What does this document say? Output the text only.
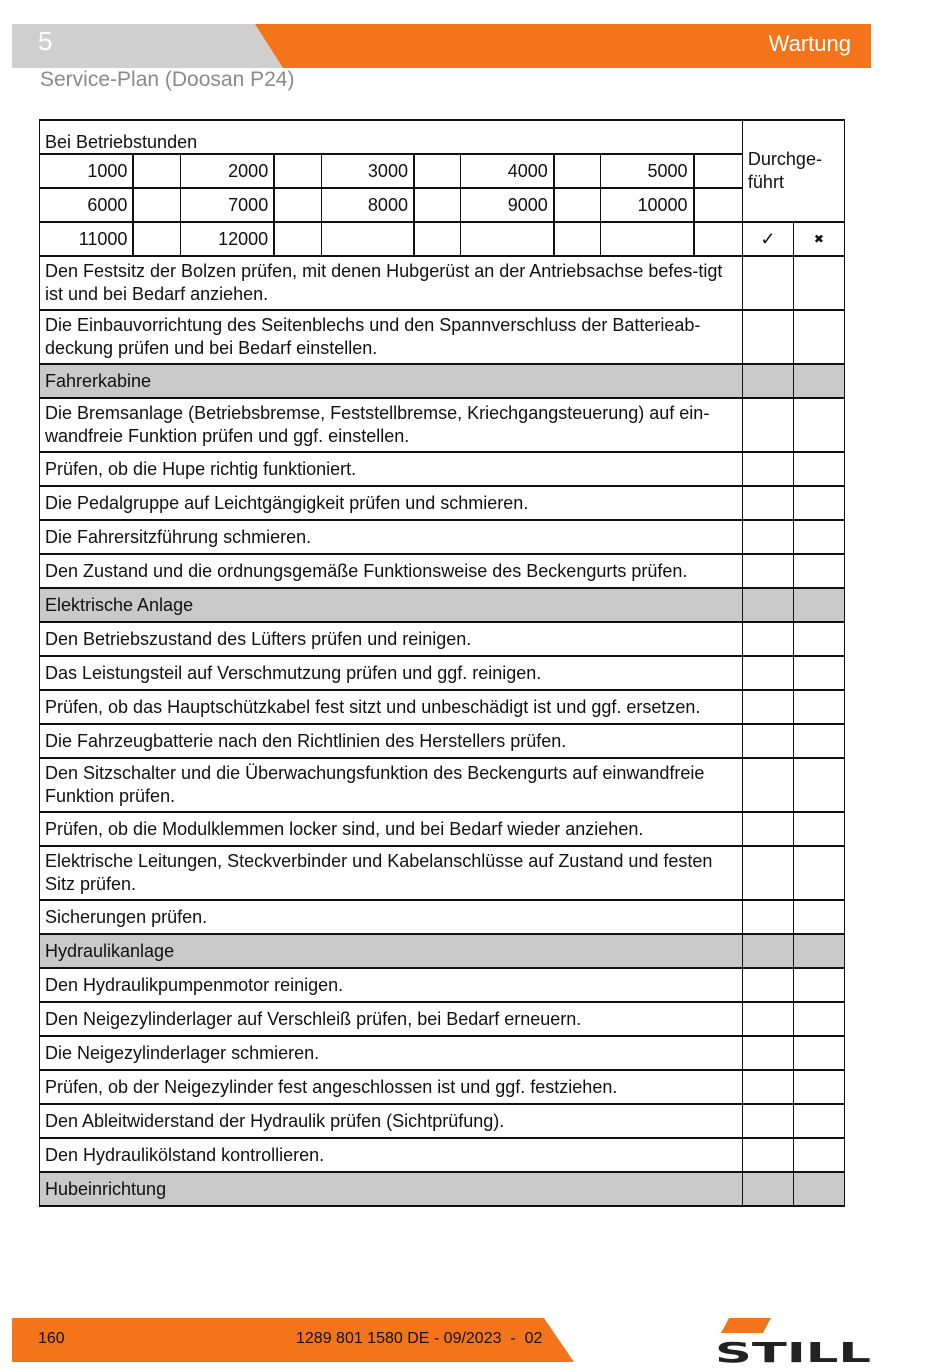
5	Wartung
Service-Plan (Doosan P24)
Bei Betriebstunden										Durchge-führt	
1000		2000		3000		4000		5000			
6000		7000		8000		9000		10000			
11000		12000								✓	✖
Den Festsitz der Bolzen prüfen, mit denen Hubgerüst an der Antriebsachse befes-tigt ist und bei Bedarf anziehen.											
Die Einbauvorrichtung des Seitenblechs und den Spannverschluss der Batterieab-deckung prüfen und bei Bedarf einstellen.											
Fahrerkabine											
Die Bremsanlage (Betriebsbremse, Feststellbremse, Kriechgangsteuerung) auf ein-wandfreie Funktion prüfen und ggf. einstellen.											
Prüfen, ob die Hupe richtig funktioniert.											
Die Pedalgruppe auf Leichtgängigkeit prüfen und schmieren.											
Die Fahrersitzführung schmieren.											
Den Zustand und die ordnungsgemäße Funktionsweise des Beckengurts prüfen.											
Elektrische Anlage											
Den Betriebszustand des Lüfters prüfen und reinigen.											
Das Leistungsteil auf Verschmutzung prüfen und ggf. reinigen.											
Prüfen, ob das Hauptschützkabel fest sitzt und unbeschädigt ist und ggf. ersetzen.											
Die Fahrzeugbatterie nach den Richtlinien des Herstellers prüfen.											
Den Sitzschalter und die Überwachungsfunktion des Beckengurts auf einwandfreie Funktion prüfen.											
Prüfen, ob die Modulklemmen locker sind, und bei Bedarf wieder anziehen.											
Elektrische Leitungen, Steckverbinder und Kabelanschlüsse auf Zustand und festen Sitz prüfen.											
Sicherungen prüfen.											
Hydraulikanlage											
Den Hydraulikpumpenmotor reinigen.											
Den Neigezylinderlager auf Verschleiß prüfen, bei Bedarf erneuern.											
Die Neigezylinderlager schmieren.											
Prüfen, ob der Neigezylinder fest angeschlossen ist und ggf. festziehen.											
Den Ableitwiderstand der Hydraulik prüfen (Sichtprüfung).											
Den Hydraulikölstand kontrollieren.											
Hubeinrichtung											
160	1289 801 1580 DE - 09/2023  -  02	STILL
